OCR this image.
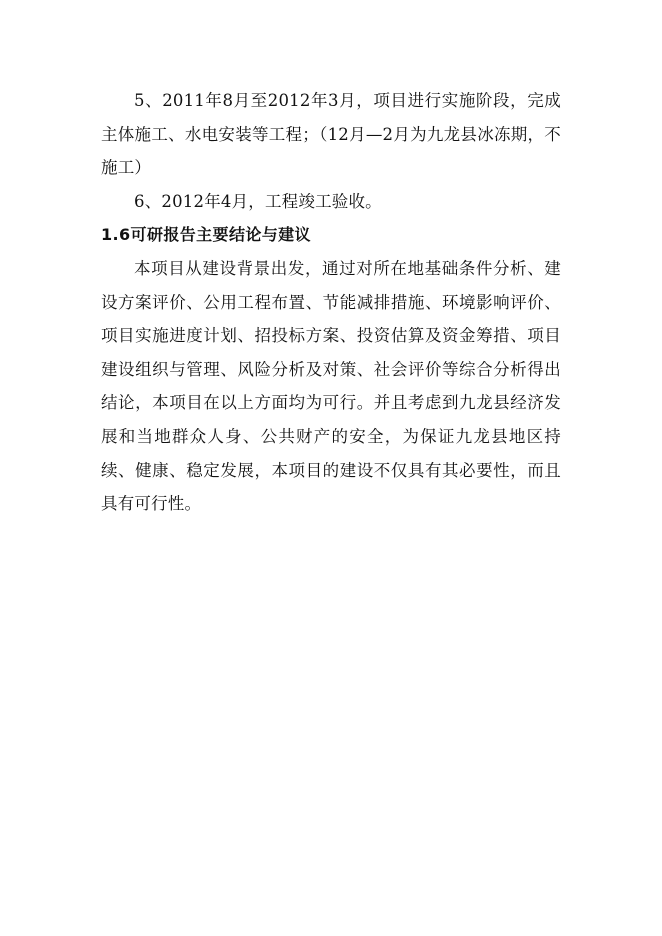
5、2011年8月至2012年3月，项目进行实施阶段，完成主体施工、水电安装等工程；（12月—2月为九龙县冰冻期，不施工）

6、2012年4月，工程竣工验收。

1.6可研报告主要结论与建议

本项目从建设背景出发，通过对所在地基础条件分析、建设方案评价、公用工程布置、节能减排措施、环境影响评价、项目实施进度计划、招投标方案、投资估算及资金筹措、项目建设组织与管理、风险分析及对策、社会评价等综合分析得出结论，本项目在以上方面均为可行。并且考虑到九龙县经济发展和当地群众人身、公共财产的安全，为保证九龙县地区持续、健康、稳定发展，本项目的建设不仅具有其必要性，而且具有可行性。
